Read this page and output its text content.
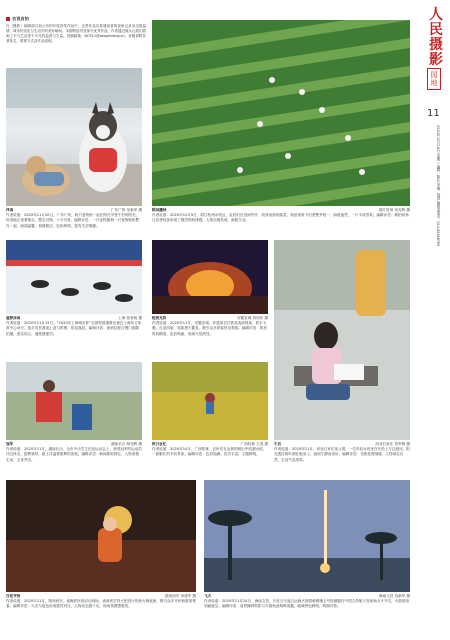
自说自拍
在《摄影》编辑部日前公布的年度获奖作品中，这些作品以普通读者的视角记录身边的温情、城市的变化与生活中的美好瞬间。本期特选刊登部分优秀作品，作者通过镜头让我们看到了平凡生活里不平凡的温度与力量。投稿邮箱：NCP11@peopledaily.cn，来稿请附作者姓名、联系方式及作品说明。
伴读	广东广州 吴新荣 摄
作者说道：2020年11月20日，广东广州，两只宠物狗一起在阳台享受午后的阳光，好奇地注视着镜头，憨态可掬，十分可爱。编辑评语：一只宠物猫和一只宠物狗依偎在一起，画面温馨，构图简洁，色彩鲜明，富有生活情趣。
稻田播种	浙江杭州 吴光辉 摄
作者说道：2020年12月5日，浙江杭州余杭区，农民们在田间劳作，收获成熟的蔬菜，航拍视角下田垄整齐划一，绿意盎然，一片丰收景象。编辑评语：俯拍视角让田垄线条形成了强烈的韵律感，人物点缀其间，画面生动。
逐梦冰场	上海 张争明 摄
作者说道：2020年11月15日，“2020年上海城市杯”全国短道速滑比赛在上海东方体育中心举行，选手们在赛道上奋力拼搏，你追我赶。编辑评语：低机位配合慢门追随拍摄，虚实结合，速度感强烈。
绽放光彩	安徽宣城 刘伟东 摄
作者说道：2020年11月，安徽宣城，非遗项目打铁花表演现场，铁水飞溅，火花四射，宛如漫天繁星，吸引众多游客驻足观看。编辑评语：抓拍时机精准，色彩绚丽，现场气氛热烈。
午后	河北石家庄 刘军锋 摄
作者说道：2020年11月，河北石家庄某公园，一位年轻女孩坐在长椅上专注阅读，阳光透过树叶洒在她身上，画面宁静而美好。编辑评语：光影处理细腻，人物神态自然，生活气息浓厚。
冠军	湖南长沙 杨光辉 摄
作者说道：2020年11月，湖南长沙，全市中小学生田径运动会上，获得冠军的运动员冲过终点，振臂欢呼，脸上洋溢着胜利的喜悦。编辑评语：瞬间抓取到位，人物表情生动，主体突出。
秋日农忙	广西桂林 王清 摄
作者说道：2020年10月，广西桂林，农民们在金黄的稻田中收割水稻，一派繁忙的丰收景象。编辑评语：色彩饱满，层次丰富，主题鲜明。
百花齐放	陕西西安 李建军 摄
作者说道：2020年11月，陕西西安，夜晚的民俗活动现场，表演者手持火把进行传统火舞表演，吸引众多市民和游客观看。编辑评语：火光与夜色形成强烈对比，人物动态感十足，现场氛围感强烈。
飞天	海南文昌 刘新华 摄
作者说道：2020年11月24日，海南文昌，长征五号遥五运载火箭搭载嫦娥五号探测器在中国文昌航天发射场点火升空，火箭尾焰划破夜空。编辑评语：前景椰林剪影与火箭轨迹相映成趣，地域特色鲜明，构图巧妙。
人民摄影
园地
11
2020年12月16日 星期三 编辑：陈红 美编：钱勇 编辑部电话：010-65368765
